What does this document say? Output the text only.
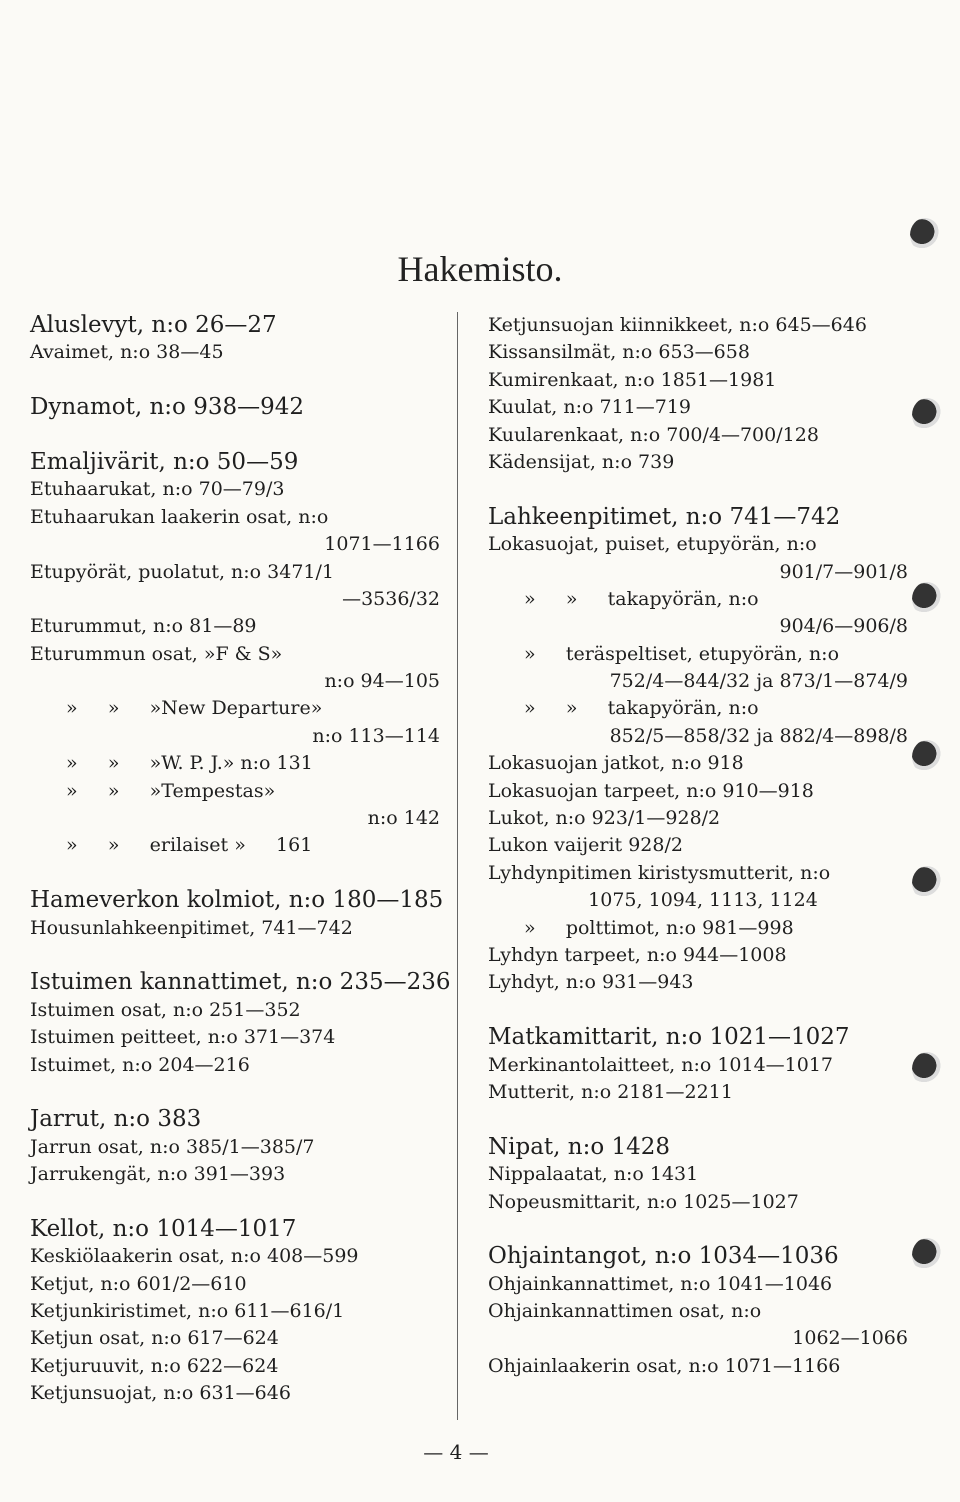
Hakemisto.
Aluslevyt, n:o 26—27
Avaimet, n:o 38—45
Dynamot, n:o 938—942
Emaljivärit, n:o 50—59
Etuhaarukat, n:o 70—79/3
Etuhaarukan laakerin osat, n:o
1071—1166
Etupyörät, puolatut, n:o 3471/1
—3536/32
Eturummut, n:o 81—89
Eturummun osat, »F & S»
n:o 94—105
»     »     »New Departure»
n:o 113—114
»     »     »W. P. J.» n:o 131
»     »     »Tempestas»
n:o 142
»     »     erilaiset »     161
Hameverkon kolmiot, n:o 180—185
Housunlahkeenpitimet, 741—742
Istuimen kannattimet, n:o 235—236
Istuimen osat, n:o 251—352
Istuimen peitteet, n:o 371—374
Istuimet, n:o 204—216
Jarrut, n:o 383
Jarrun osat, n:o 385/1—385/7
Jarrukengät, n:o 391—393
Kellot, n:o 1014—1017
Keskiölaakerin osat, n:o 408—599
Ketjut, n:o 601/2—610
Ketjunkiristimet, n:o 611—616/1
Ketjun osat, n:o 617—624
Ketjuruuvit, n:o 622—624
Ketjunsuojat, n:o 631—646
Ketjunsuojan kiinnikkeet, n:o 645—646
Kissansilmät, n:o 653—658
Kumirenkaat, n:o 1851—1981
Kuulat, n:o 711—719
Kuularenkaat, n:o 700/4—700/128
Kädensijat, n:o 739
Lahkeenpitimet, n:o 741—742
Lokasuojat, puiset, etupyörän, n:o
901/7—901/8
»     »     takapyörän, n:o
904/6—906/8
»     teräspeltiset, etupyörän, n:o
752/4—844/32 ja 873/1—874/9
»     »     takapyörän, n:o
852/5—858/32 ja 882/4—898/8
Lokasuojan jatkot, n:o 918
Lokasuojan tarpeet, n:o 910—918
Lukot, n:o 923/1—928/2
Lukon vaijerit 928/2
Lyhdynpitimen kiristysmutterit, n:o
1075, 1094, 1113, 1124
»     polttimot, n:o 981—998
Lyhdyn tarpeet, n:o 944—1008
Lyhdyt, n:o 931—943
Matkamittarit, n:o 1021—1027
Merkinantolaitteet, n:o 1014—1017
Mutterit, n:o 2181—2211
Nipat, n:o 1428
Nippalaatat, n:o 1431
Nopeusmittarit, n:o 1025—1027
Ohjaintangot, n:o 1034—1036
Ohjainkannattimet, n:o 1041—1046
Ohjainkannattimen osat, n:o
1062—1066
Ohjainlaakerin osat, n:o 1071—1166
— 4 —
